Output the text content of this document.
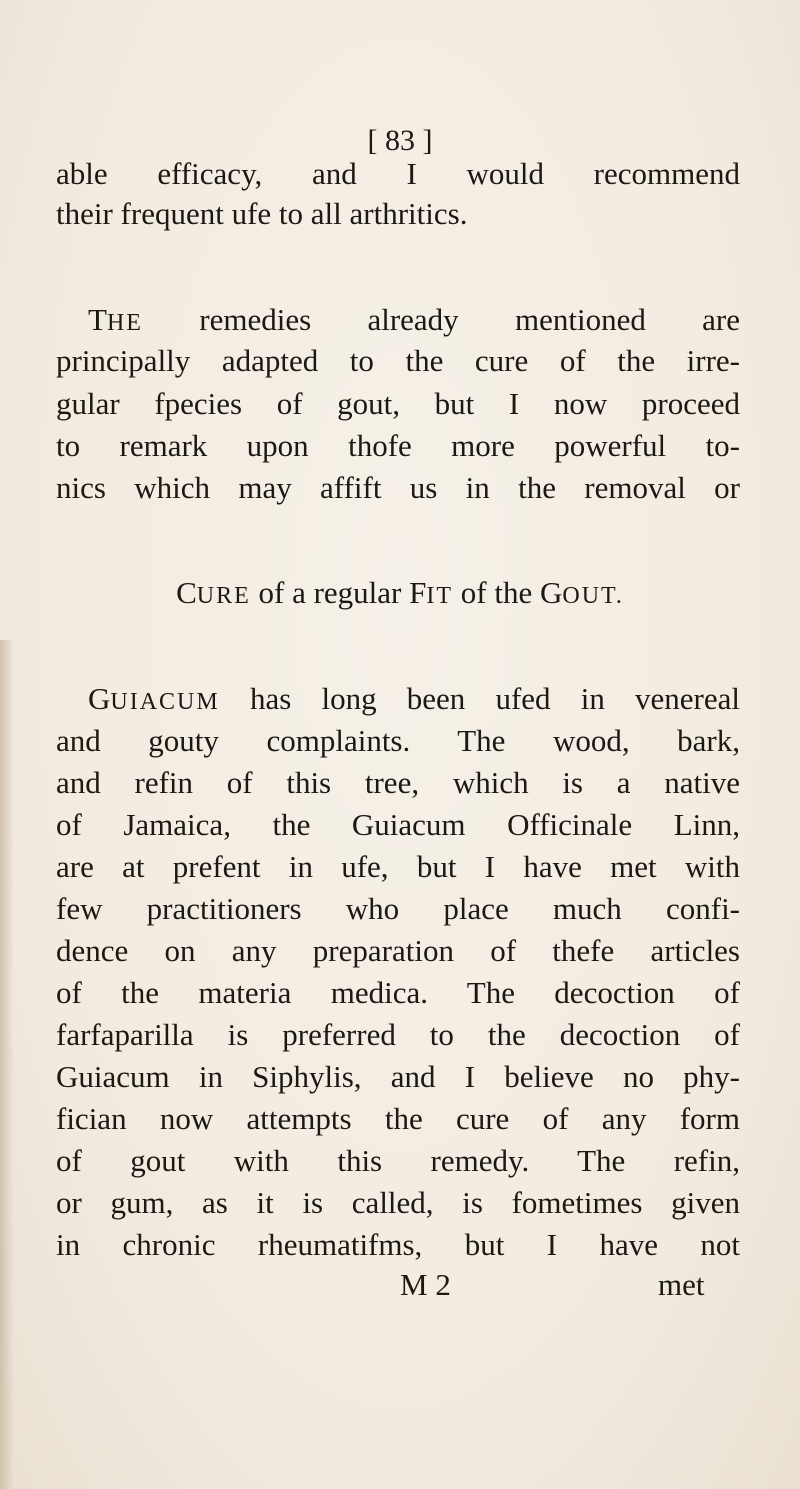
[ 83 ]
able efficacy, and I would recommend
their frequent ufe to all arthritics.
THE remedies already mentioned are
principally adapted to the cure of the irre-
gular fpecies of gout, but I now proceed
to remark upon thofe more powerful to-
nics which may affift us in the removal or
CURE of a regular FIT of the GOUT.
GUIACUM has long been ufed in venereal
and gouty complaints. The wood, bark,
and refin of this tree, which is a native
of Jamaica, the Guiacum Officinale Linn,
are at prefent in ufe, but I have met with
few practitioners who place much confi-
dence on any preparation of thefe articles
of the materia medica. The decoction of
farfaparilla is preferred to the decoction of
Guiacum in Siphylis, and I believe no phy-
fician now attempts the cure of any form
of gout with this remedy. The refin,
or gum, as it is called, is fometimes given
in chronic rheumatifms, but I have not
M 2	met
